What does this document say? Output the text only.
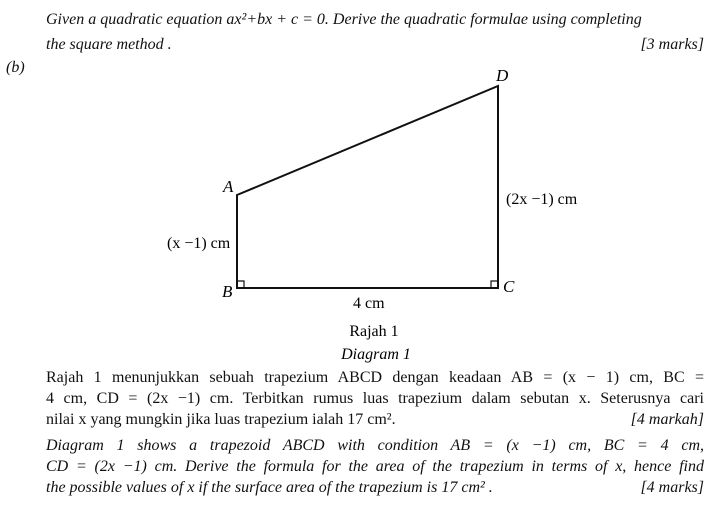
Given a quadratic equation ax²+bx + c = 0. Derive the quadratic formulae using completing
the square method .	[3 marks]
(b)	D
A
B	C
(2x −1) cm
(x −1) cm
4 cm
Rajah 1
Diagram 1
Rajah 1 menunjukkan sebuah trapezium ABCD dengan keadaan AB = (x − 1) cm, BC =
4 cm, CD = (2x −1) cm. Terbitkan rumus luas trapezium dalam sebutan x. Seterusnya cari
nilai x yang mungkin jika luas trapezium ialah 17 cm².	[4 markah]
Diagram 1 shows a trapezoid ABCD with condition AB = (x −1) cm, BC = 4 cm,
CD = (2x −1) cm. Derive the formula for the area of the trapezium in terms of x, hence find
the possible values of x if the surface area of the trapezium is 17 cm² .	[4 marks]
